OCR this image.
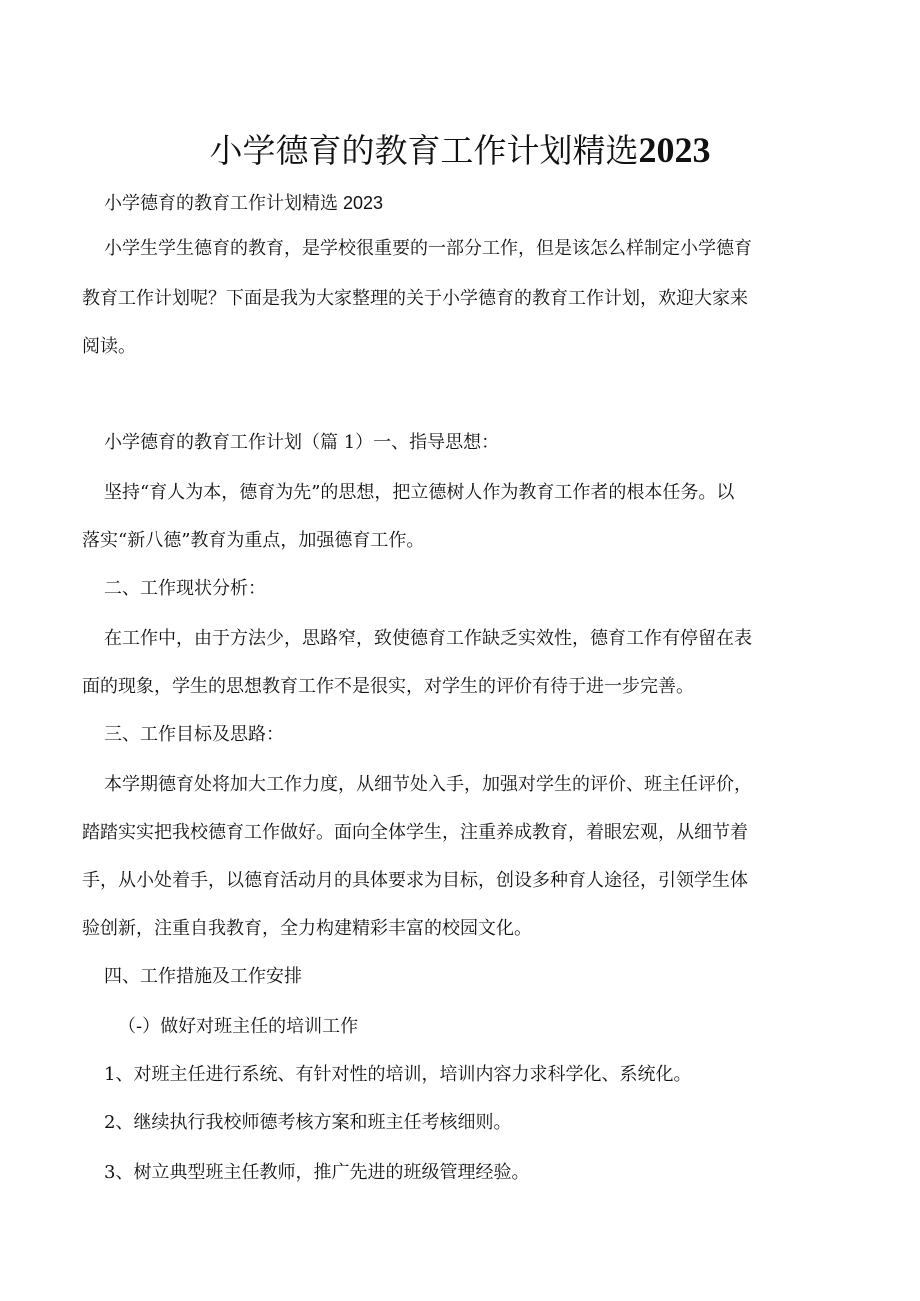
小学德育的教育工作计划精选2023
小学德育的教育工作计划精选 2023
小学生学生德育的教育，是学校很重要的一部分工作，但是该怎么样制定小学德育
教育工作计划呢？下面是我为大家整理的关于小学德育的教育工作计划，欢迎大家来
阅读。
小学德育的教育工作计划（篇 1）一、指导思想：
坚持“育人为本，德育为先”的思想，把立德树人作为教育工作者的根本任务。以
落实“新八德”教育为重点，加强德育工作。
二、工作现状分析：
在工作中，由于方法少，思路窄，致使德育工作缺乏实效性，德育工作有停留在表
面的现象，学生的思想教育工作不是很实，对学生的评价有待于进一步完善。
三、工作目标及思路：
本学期德育处将加大工作力度，从细节处入手，加强对学生的评价、班主任评价，
踏踏实实把我校德育工作做好。面向全体学生，注重养成教育，着眼宏观，从细节着
手，从小处着手，以德育活动月的具体要求为目标，创设多种育人途径，引领学生体
验创新，注重自我教育，全力构建精彩丰富的校园文化。
四、工作措施及工作安排
（-）做好对班主任的培训工作
1、对班主任进行系统、有针对性的培训，培训内容力求科学化、系统化。
2、继续执行我校师德考核方案和班主任考核细则。
3、树立典型班主任教师，推广先进的班级管理经验。
